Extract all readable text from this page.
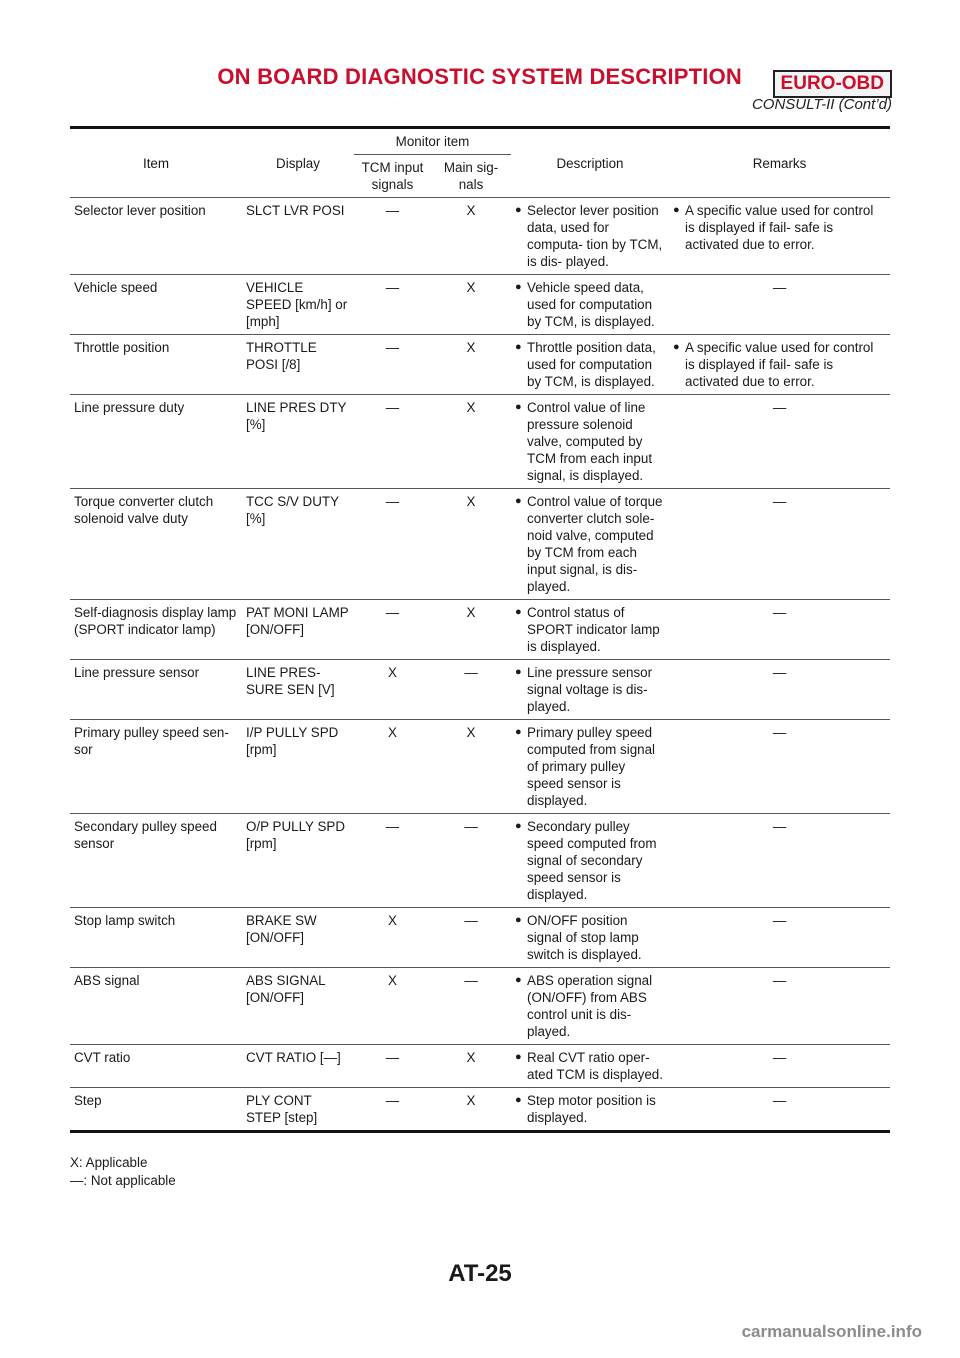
ON BOARD DIAGNOSTIC SYSTEM DESCRIPTION	EURO-OBD
CONSULT-II (Cont’d)
Item	Display	Monitor item		Description	Remarks
		TCM input signals	Main sig- nals		
Selector lever position	SLCT LVR POSI	—	X	● Selector lever position data, used for computa- tion by TCM, is dis- played.	● A specific value used for control is displayed if fail- safe is activated due to error.

Vehicle speed	VEHICLE SPEED [km/h] or [mph]	—	X	● Vehicle speed data, used for computation by TCM, is displayed.	—
Throttle position	THROTTLE POSI [/8]	—	X	● Throttle position data, used for computation by TCM, is displayed.	● A specific value used for control is displayed if fail- safe is activated due to error.

Line pressure duty	LINE PRES DTY [%]	—	X	● Control value of line pressure solenoid valve, computed by TCM from each input signal, is displayed.	—
Torque converter clutch solenoid valve duty	TCC S/V DUTY [%]	—	X	● Control value of torque converter clutch sole- noid valve, computed by TCM from each input signal, is dis- played.	—
Self-diagnosis display lamp (SPORT indicator lamp)	PAT MONI LAMP [ON/OFF]	—	X	● Control status of SPORT indicator lamp is displayed.	—
Line pressure sensor	LINE PRES- SURE SEN [V]	X	—	● Line pressure sensor signal voltage is dis- played.	—
Primary pulley speed sen- sor	I/P PULLY SPD [rpm]	X	X	● Primary pulley speed computed from signal of primary pulley speed sensor is displayed.	—
Secondary pulley speed sensor	O/P PULLY SPD [rpm]	—	—	● Secondary pulley speed computed from signal of secondary speed sensor is displayed.	—
Stop lamp switch	BRAKE SW [ON/OFF]	X	—	● ON/OFF position signal of stop lamp switch is displayed.	—
ABS signal	ABS SIGNAL [ON/OFF]	X	—	● ABS operation signal (ON/OFF) from ABS control unit is dis- played.	—
CVT ratio	CVT RATIO [—]	—	X	● Real CVT ratio oper- ated TCM is displayed.	—
Step	PLY CONT STEP [step]	—	X	● Step motor position is displayed.	—
X: Applicable
—: Not applicable
AT-25
carmanualsonline.info
